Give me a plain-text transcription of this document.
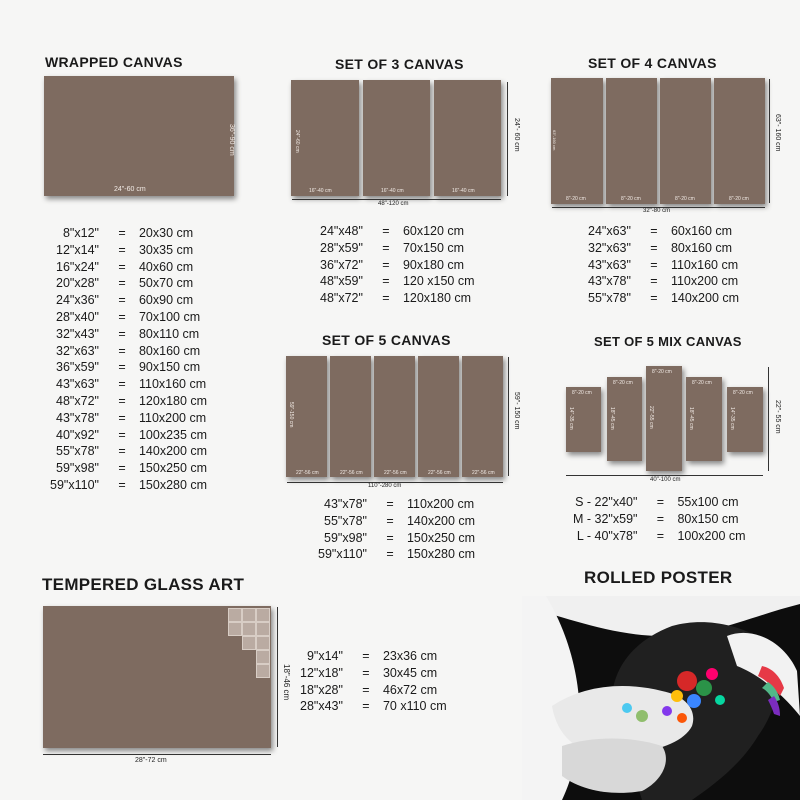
WRAPPED CANVAS
24"-60 cm
36"-90 cm
8"x12"	=	20x30 cm
12"x14"	=	30x35 cm
16"x24"	=	40x60 cm
20"x28"	=	50x70 cm
24"x36"	=	60x90 cm
28"x40"	=	70x100 cm
32"x43"	=	80x110 cm
32"x63"	=	80x160 cm
36"x59"	=	90x150 cm
43"x63"	=	110x160 cm
48"x72"	=	120x180 cm
43"x78"	=	110x200 cm
40"x92"	=	100x235 cm
55"x78"	=	140x200 cm
59"x98"	=	150x250 cm
59"x110"	=	150x280 cm
SET OF 3 CANVAS
24"-60 cm
16"-40 cm	16"-40 cm	16"-40 cm
48"-120 cm
24"- 60 cm
24"x48"	=	60x120 cm
28"x59"	=	70x150 cm
36"x72"	=	90x180 cm
48"x59"	=	120 x150 cm
48"x72"	=	120x180 cm
SET OF 4 CANVAS
63"-160 cm
8"-20 cm	8"-20 cm	8"-20 cm	8"-20 cm
32"-80 cm
63"- 160 cm
24"x63"	=	60x160 cm
32"x63"	=	80x160 cm
43"x63"	=	110x160 cm
43"x78"	=	110x200 cm
55"x78"	=	140x200 cm
SET OF 5 CANVAS
59"-150 cm
22"-56 cm	22"-56 cm	22"-56 cm	22"-56 cm	22"-56 cm
110"-280 cm
59"- 150 cm
43"x78"	=	110x200 cm
55"x78"	=	140x200 cm
59"x98"	=	150x250 cm
59"x110"	=	150x280 cm
SET OF 5 MIX CANVAS
8"-20 cm
14"-35 cm
8"-20 cm
18"-45 cm
8"-20 cm
22"-55 cm
8"-20 cm
18"-45 cm
8"-20 cm
14"-35 cm
40"-100 cm
22"- 55 cm
S - 22"x40"	=	55x100 cm
M - 32"x59"	=	80x150 cm
L - 40"x78"	=	100x200 cm
TEMPERED GLASS ART
28"-72 cm
18"-46 cm
9"x14"	=	23x36 cm
12"x18"	=	30x45 cm
18"x28"	=	46x72 cm
28"x43"	=	70 x110 cm
ROLLED POSTER
